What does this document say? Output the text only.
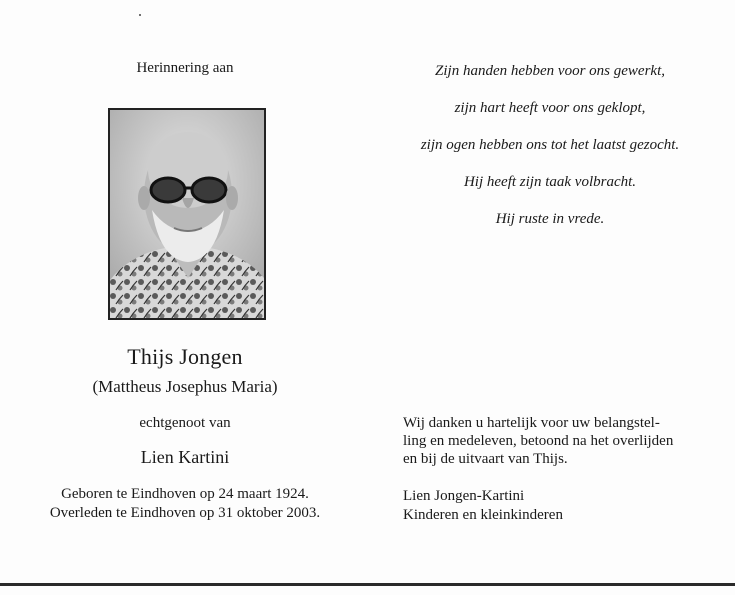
Herinnering aan
Thijs Jongen
(Mattheus Josephus Maria)
echtgenoot van
Lien Kartini
Geboren te Eindhoven op 24 maart 1924.
Overleden te Eindhoven op 31 oktober 2003.
Zijn handen hebben voor ons gewerkt,
zijn hart heeft voor ons geklopt,
zijn ogen hebben ons tot het laatst gezocht.
Hij heeft zijn taak volbracht.
Hij ruste in vrede.
Wij danken u hartelijk voor uw belangstel-
ling en medeleven, betoond na het overlijden
en bij de uitvaart van Thijs.
Lien Jongen-Kartini
Kinderen en kleinkinderen
